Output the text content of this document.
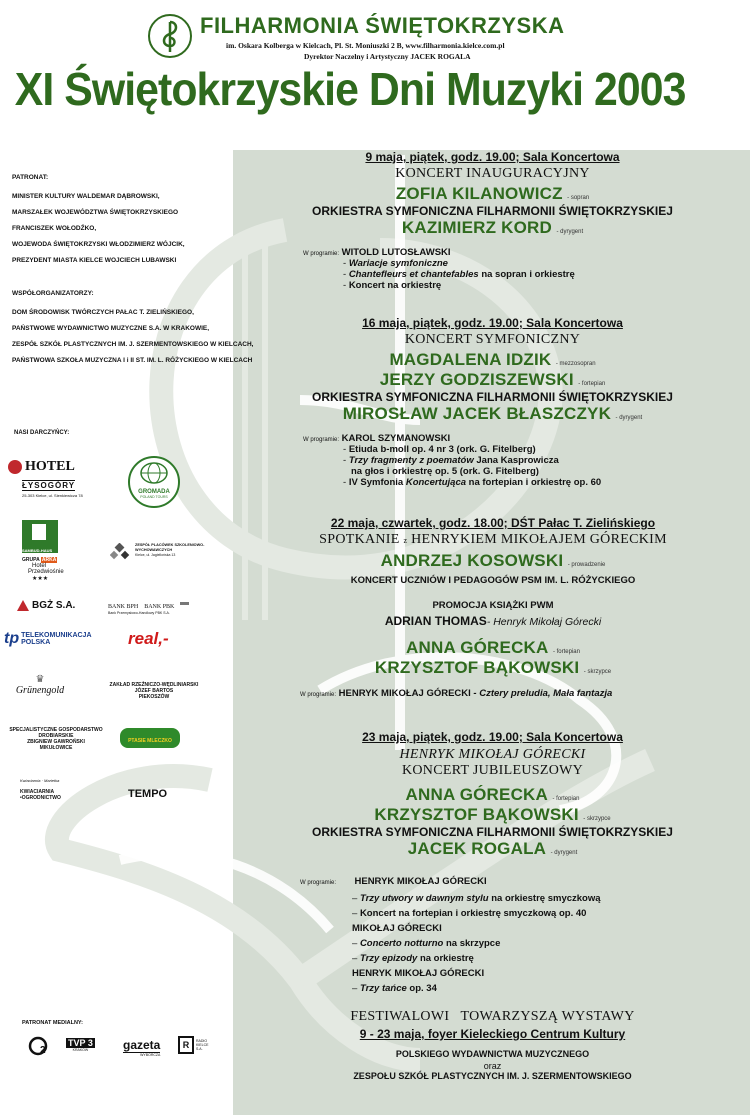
FILHARMONIA ŚWIĘTOKRZYSKA
im. Oskara Kolberga w Kielcach, Pl. St. Moniuszki 2 B, www.filharmonia.kielce.com.pl
Dyrektor Naczelny i Artystyczny JACEK ROGALA
XI Świętokrzyskie Dni Muzyki 2003
PATRONAT:
MINISTER KULTURY WALDEMAR DĄBROWSKI,
MARSZAŁEK WOJEWÓDZTWA ŚWIĘTOKRZYSKIEGO
FRANCISZEK WOŁODŹKO,
WOJEWODA ŚWIĘTOKRZYSKI WŁODZIMIERZ WÓJCIK,
PREZYDENT MIASTA KIELCE WOJCIECH LUBAWSKI
WSPÓŁORGANIZATORZY:
DOM ŚRODOWISK TWÓRCZYCH PAŁAC T. ZIELIŃSKIEGO,
PAŃSTWOWE WYDAWNICTWO MUZYCZNE S.A. W KRAKOWIE,
ZESPÓŁ SZKÓŁ PLASTYCZNYCH IM. J. SZERMENTOWSKIEGO W KIELCACH,
PAŃSTWOWA SZKOŁA MUZYCZNA I i II ST. IM. L. RÓŻYCKIEGO W KIELCACH
NASI DARCZYŃCY:
HOTEL
ŁYSOGÓRY
25-303 Kielce, ul. Sienkiewicza 78
GROMADA
POLAND TOURS
SAMBUD-HAUS
GRUPA ARKA
Hotel
Przedwiośnie
★★★
ZESPÓŁ PLACÓWEK SZKOLENIOWO-WYCHOWAWCZYCH
Kielce, ul. Jagiellońska 13
BGŻ S.A.	BANK BPH BANK PBK
Bank Przemysłowo-Handlowy PBK S.A.
tp TELEKOMUNIKACJA
POLSKA	real,-
♛
Grünengold	ZAKŁAD RZEŹNICZO-WĘDLINIARSKI
JÓZEF BARTOS
PIEKOSZÓW
SPECJALISTYCZNE GOSPODARSTWO
DROBIARSKIE
ZBIGNIEW GAWROŃSKI
MIKUŁOWICE
PTASIE MLECZKO
Kwiaciarnia · Marietka
KWIACIARNIA
•OGRODNICTWO	TEMPO
PATRONAT MEDIALNY:
2
TVP 3
KRAKÓW	gazeta
WYBORCZA
R	RADIO KIELCE S.A.
9 maja, piątek, godz. 19.00; Sala Koncertowa
KONCERT INAUGURACYJNY
ZOFIA KILANOWICZ - sopran
ORKIESTRA SYMFONICZNA FILHARMONII ŚWIĘTOKRZYSKIEJ
KAZIMIERZ KORD - dyrygent
W programie: WITOLD LUTOSŁAWSKI
- Wariacje symfoniczne
- Chantefleurs et chantefables na sopran i orkiestrę
- Koncert na orkiestrę
16 maja, piątek, godz. 19.00; Sala Koncertowa
KONCERT SYMFONICZNY
MAGDALENA IDZIK - mezzosopran
JERZY GODZISZEWSKI - fortepian
ORKIESTRA SYMFONICZNA FILHARMONII ŚWIĘTOKRZYSKIEJ
MIROSŁAW JACEK BŁASZCZYK - dyrygent
W programie: KAROL SZYMANOWSKI
- Etiuda b-moll op. 4 nr 3 (ork. G. Fitelberg)
- Trzy fragmenty z poematów Jana Kasprowicza
na głos i orkiestrę op. 5 (ork. G. Fitelberg)
- IV Symfonia Koncertująca na fortepian i orkiestrę op. 60
22 maja, czwartek, godz. 18.00; DŚT Pałac T. Zielińskiego
SPOTKANIE z HENRYKIEM MIKOŁAJEM GÓRECKIM
ANDRZEJ KOSOWSKI - prowadzenie
KONCERT UCZNIÓW I PEDAGOGÓW PSM IM. L. RÓŻYCKIEGO
PROMOCJA KSIĄŻKI PWM
ADRIAN THOMAS- Henryk Mikołaj Górecki
ANNA GÓRECKA - fortepian
KRZYSZTOF BĄKOWSKI - skrzypce
W programie: HENRYK MIKOŁAJ GÓRECKI - Cztery preludia, Mała fantazja
23 maja, piątek, godz. 19.00; Sala Koncertowa
HENRYK MIKOŁAJ GÓRECKI
KONCERT JUBILEUSZOWY
ANNA GÓRECKA - fortepian
KRZYSZTOF BĄKOWSKI - skrzypce
ORKIESTRA SYMFONICZNA FILHARMONII ŚWIĘTOKRZYSKIEJ
JACEK ROGALA - dyrygent
W programie: HENRYK MIKOŁAJ GÓRECKI
– Trzy utwory w dawnym stylu na orkiestrę smyczkową
– Koncert na fortepian i orkiestrę smyczkową op. 40
MIKOŁAJ GÓRECKI
– Concerto notturno na skrzypce
– Trzy epizody na orkiestrę
HENRYK MIKOŁAJ GÓRECKI
– Trzy tańce op. 34
FESTIWALOWI   TOWARZYSZĄ WYSTAWY
9 - 23 maja, foyer Kieleckiego Centrum Kultury
POLSKIEGO WYDAWNICTWA MUZYCZNEGO
oraz
ZESPOŁU SZKÓŁ PLASTYCZNYCH IM. J. SZERMENTOWSKIEGO
